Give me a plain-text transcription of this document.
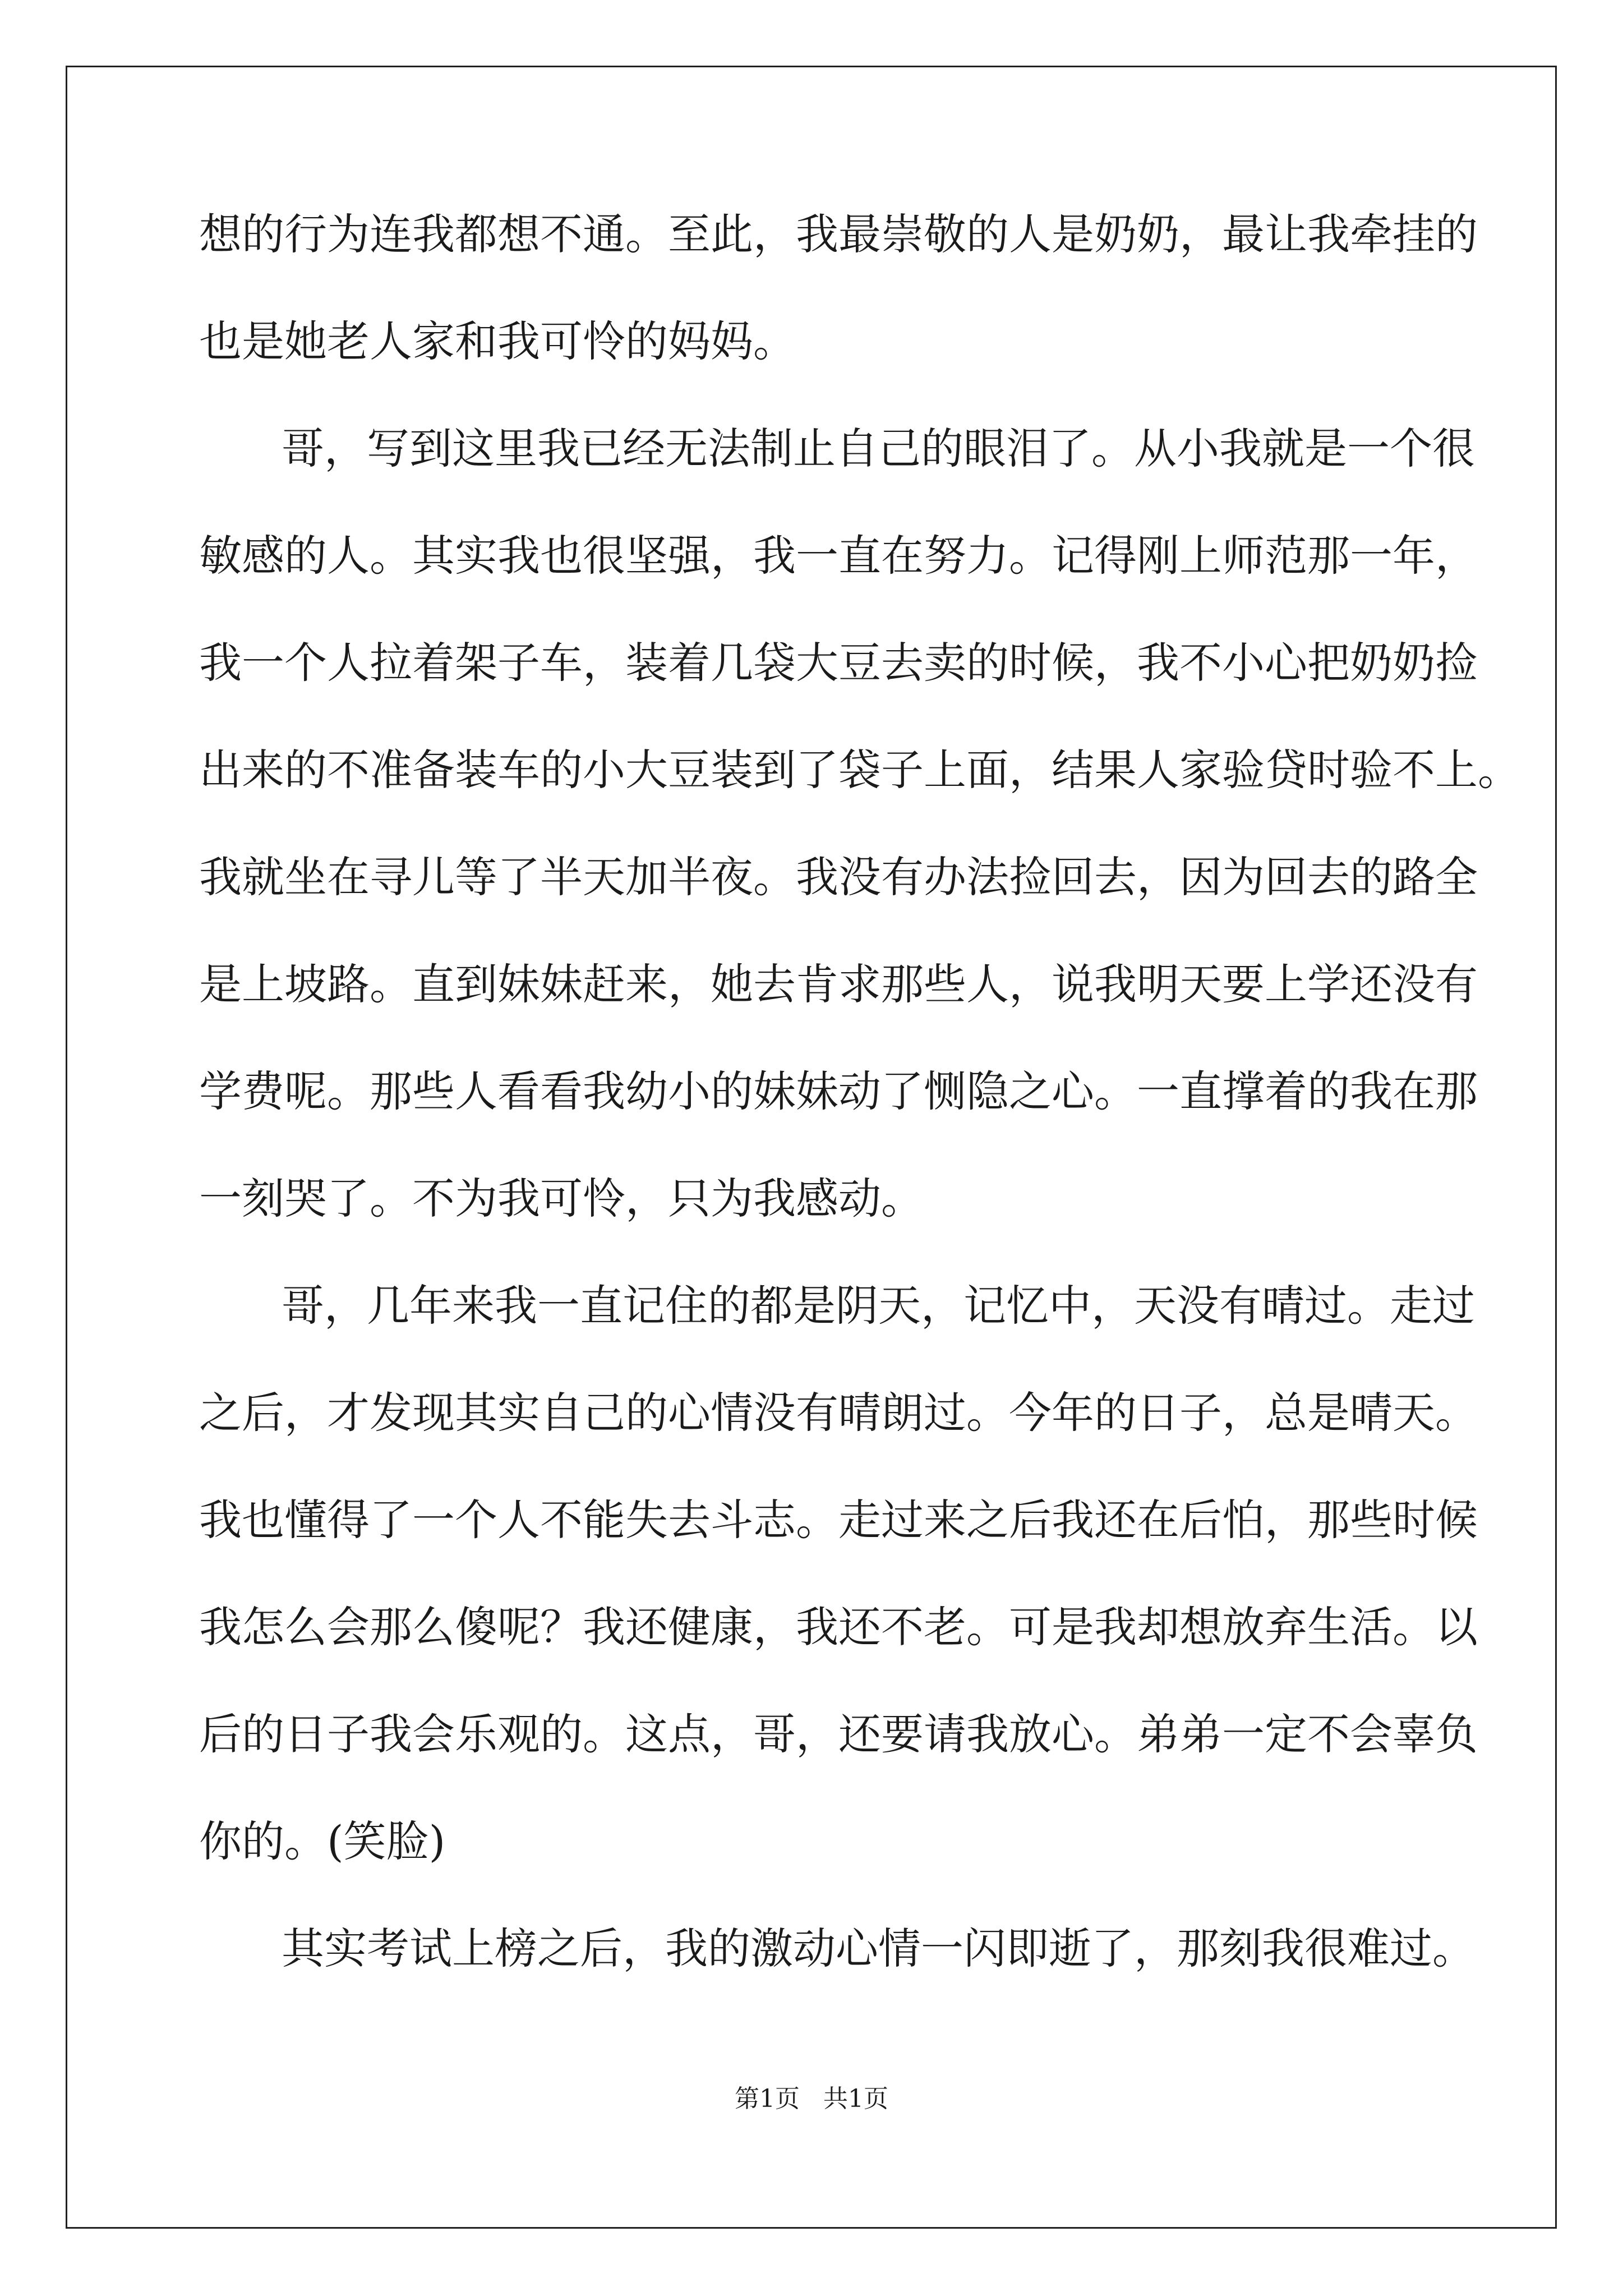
想的行为连我都想不通。至此，我最崇敬的人是奶奶，最让我牵挂的
也是她老人家和我可怜的妈妈。
哥，写到这里我已经无法制止自己的眼泪了。从小我就是一个很
敏感的人。其实我也很坚强，我一直在努力。记得刚上师范那一年，
我一个人拉着架子车，装着几袋大豆去卖的时候，我不小心把奶奶捡
出来的不准备装车的小大豆装到了袋子上面，结果人家验贷时验不上。
我就坐在寻儿等了半天加半夜。我没有办法捡回去，因为回去的路全
是上坡路。直到妹妹赶来，她去肯求那些人，说我明天要上学还没有
学费呢。那些人看看我幼小的妹妹动了恻隐之心。一直撑着的我在那
一刻哭了。不为我可怜，只为我感动。
哥，几年来我一直记住的都是阴天，记忆中，天没有晴过。走过
之后，才发现其实自己的心情没有晴朗过。今年的日子，总是晴天。
我也懂得了一个人不能失去斗志。走过来之后我还在后怕，那些时候
我怎么会那么傻呢？我还健康，我还不老。可是我却想放弃生活。以
后的日子我会乐观的。这点，哥，还要请我放心。弟弟一定不会辜负
你的。(笑脸)
其实考试上榜之后，我的激动心情一闪即逝了，那刻我很难过。
第1页   共1页
